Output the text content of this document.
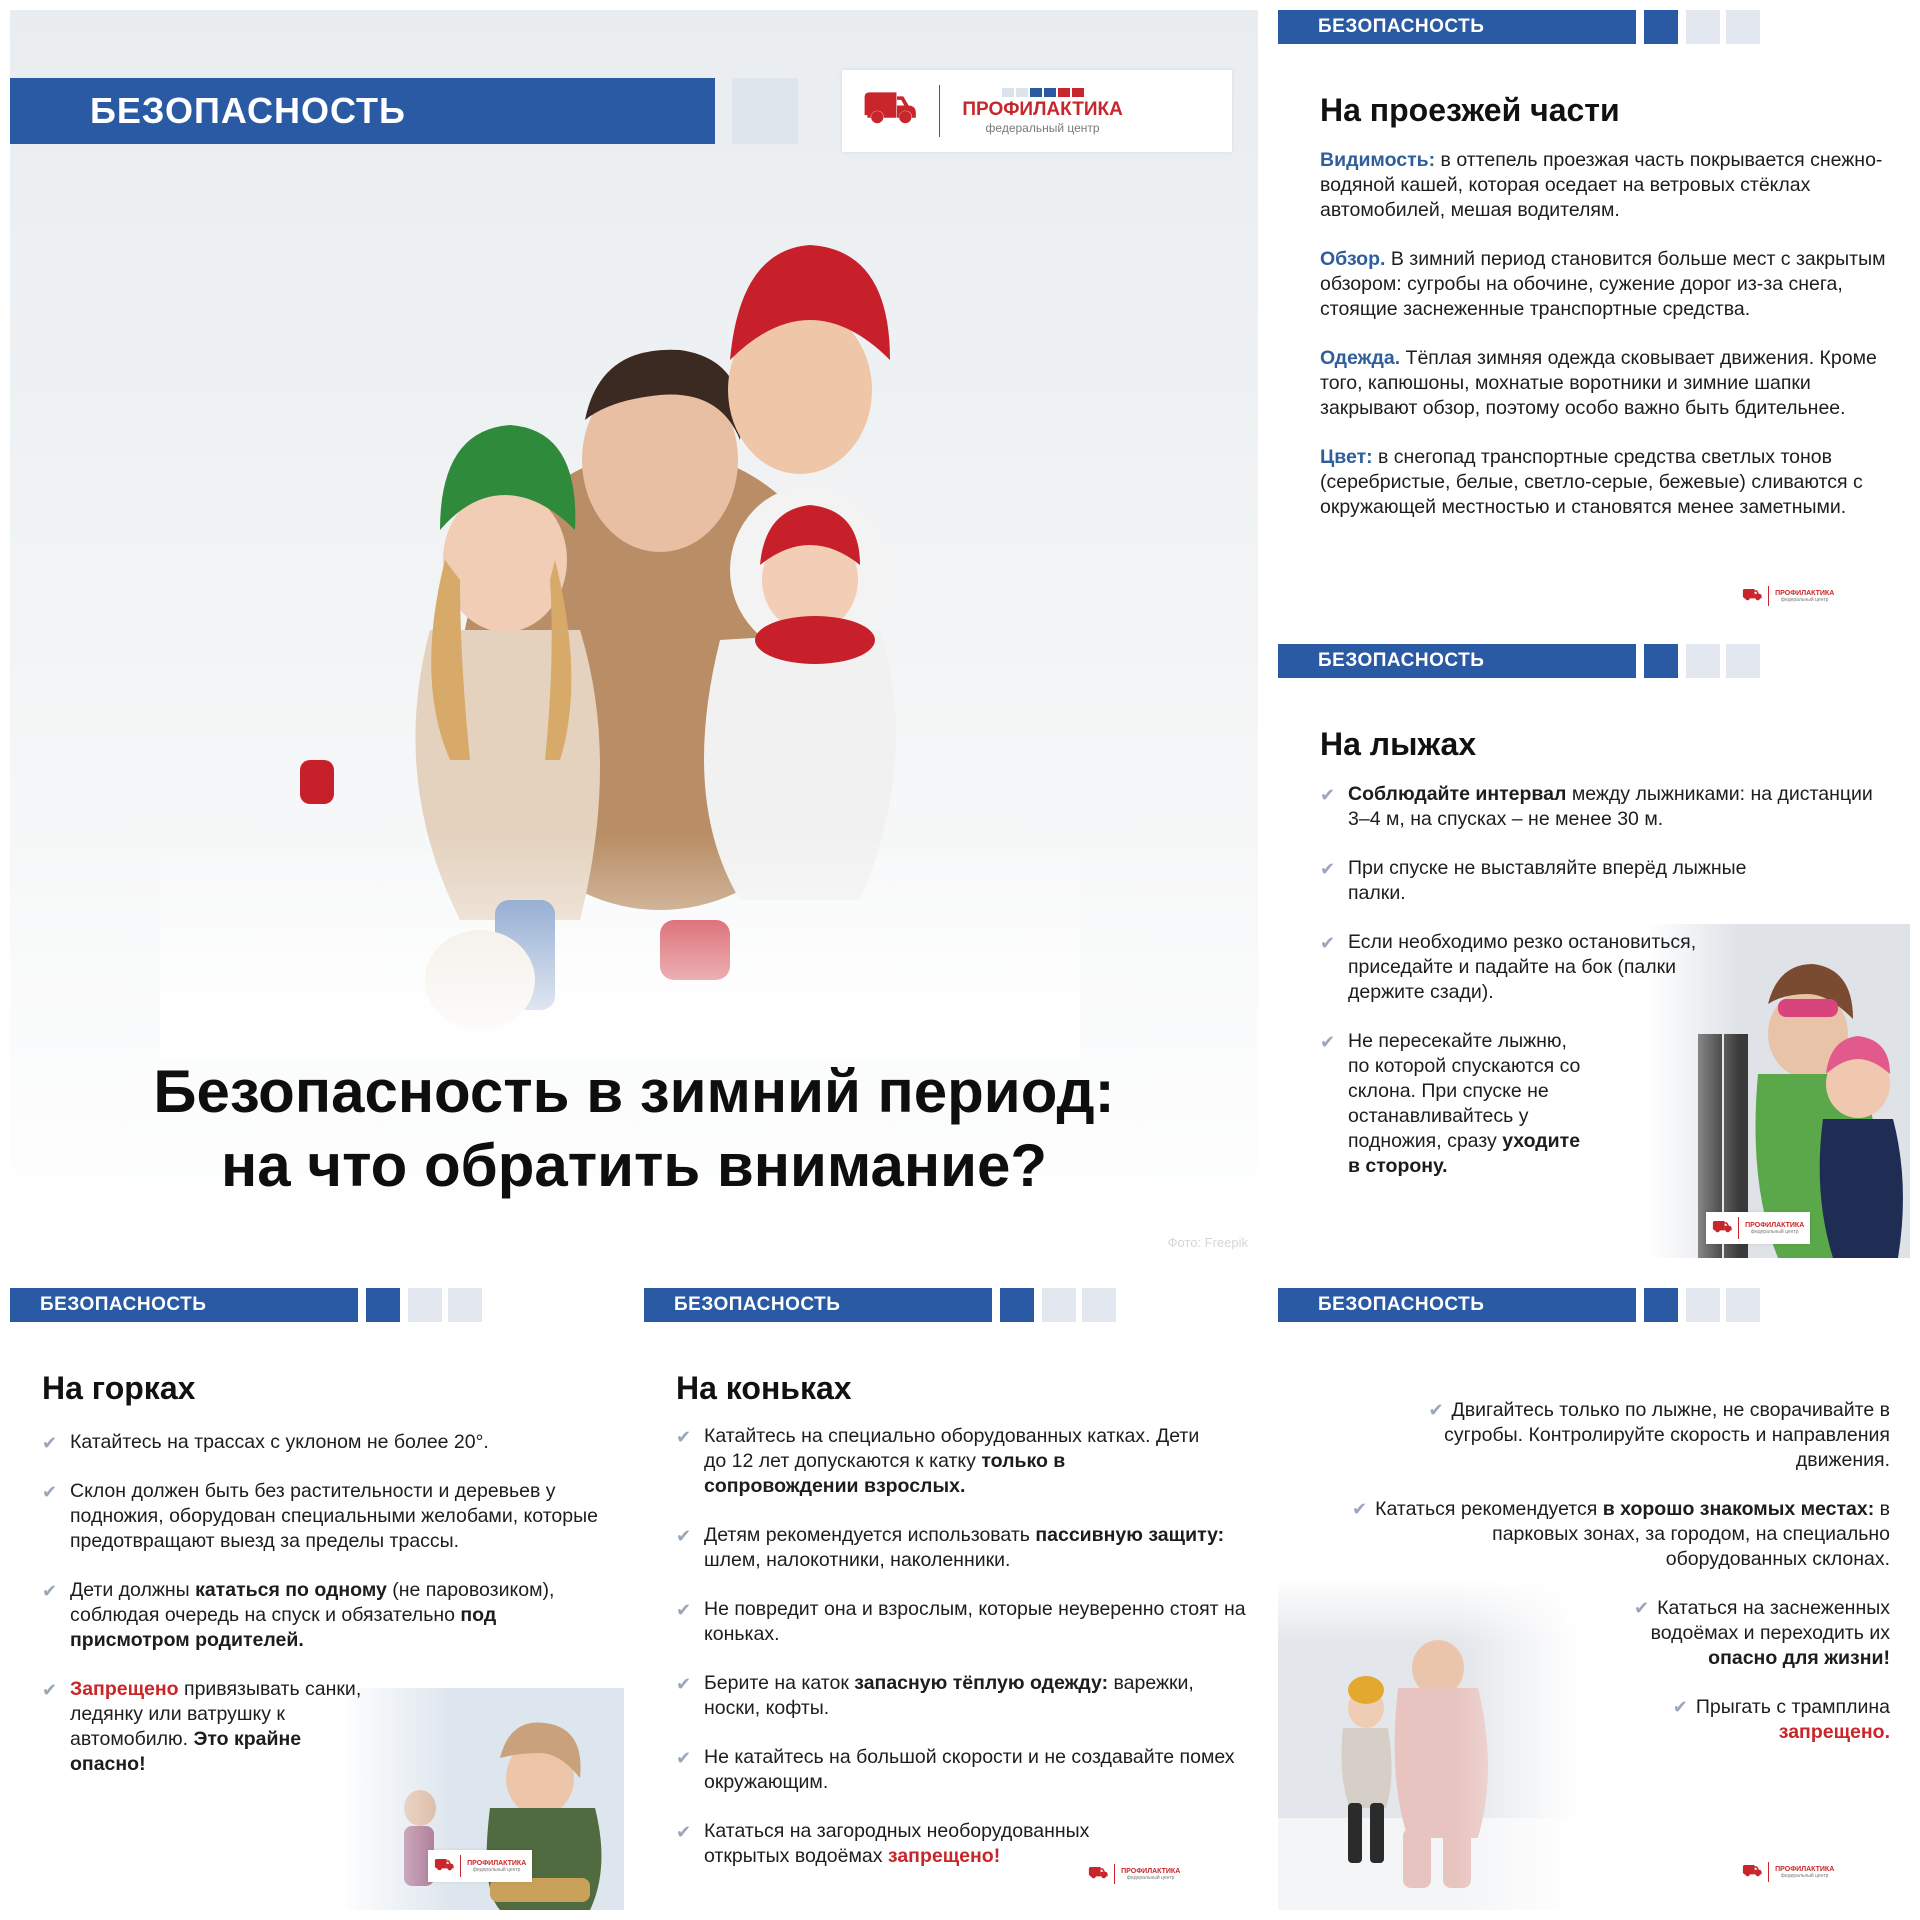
БЕЗОПАСНОСТЬ	⛟ ПРОФИЛАКТИКА
федеральный центр
Безопасность в зимний период:
на что обратить внимание?
Фото: Freepik
БЕЗОПАСНОСТЬ
На проезжей части

Видимость: в оттепель проезжая часть покрывается снежно-водяной кашей, которая оседает на ветровых стёклах автомобилей, мешая водителям.

Обзор. В зимний период становится больше мест с закрытым обзором: сугробы на обочине, сужение дорог из-за снега, стоящие заснеженные транспортные средства.

Одежда. Тёплая зимняя одежда сковывает движения. Кроме того, капюшоны, мохнатые воротники и зимние шапки закрывают обзор, поэтому особо важно быть бдительнее.

Цвет: в снегопад транспортные средства светлых тонов (серебристые, белые, светло-серые, бежевые) сливаются с окружающей местностью и становятся менее заметными.

⛟ ПРОФИЛАКТИКА
федеральный центр
БЕЗОПАСНОСТЬ
На лыжах
✔ Соблюдайте интервал между лыжниками: на дистанции 3–4 м, на спусках – не менее 30 м.
✔ При спуске не выставляйте вперёд лыжные палки.
✔ Если необходимо резко остановиться, приседайте и падайте на бок (палки держите сзади).
✔ Не пересекайте лыжню, по которой спускаются со склона. При спуске не останавливайтесь у подножия, сразу уходите в сторону.
⛟ ПРОФИЛАКТИКА
федеральный центр
БЕЗОПАСНОСТЬ
На горках
✔ Катайтесь на трассах с уклоном не более 20°.
✔ Склон должен быть без растительности и деревьев у подножия, оборудован специальными желобами, которые предотвращают выезд за пределы трассы.
✔ Дети должны кататься по одному (не паровозиком), соблюдая очередь на спуск и обязательно под присмотром родителей.
✔ Запрещено привязывать санки, ледянку или ватрушку к автомобилю. Это крайне опасно!
⛟ ПРОФИЛАКТИКА
федеральный центр
БЕЗОПАСНОСТЬ
На коньках
✔ Катайтесь на специально оборудованных катках. Дети до 12 лет допускаются к катку только в сопровождении взрослых.
✔ Детям рекомендуется использовать пассивную защиту: шлем, налокотники, наколенники.
✔ Не повредит она и взрослым, которые неуверенно стоят на коньках.
✔ Берите на каток запасную тёплую одежду: варежки, носки, кофты.
✔ Не катайтесь на большой скорости и не создавайте помех окружающим.
✔ Кататься на загородных необорудованных открытых водоёмах запрещено!
⛟ ПРОФИЛАКТИКА
федеральный центр
БЕЗОПАСНОСТЬ
✔ Двигайтесь только по лыжне, не сворачивайте в сугробы. Контролируйте скорость и направления движения.
✔ Кататься рекомендуется в хорошо знакомых местах: в парковых зонах, за городом, на специально оборудованных склонах.
✔ Кататься на заснеженных водоёмах и переходить их опасно для жизни!
✔ Прыгать с трамплина запрещено.
⛟ ПРОФИЛАКТИКА
федеральный центр
